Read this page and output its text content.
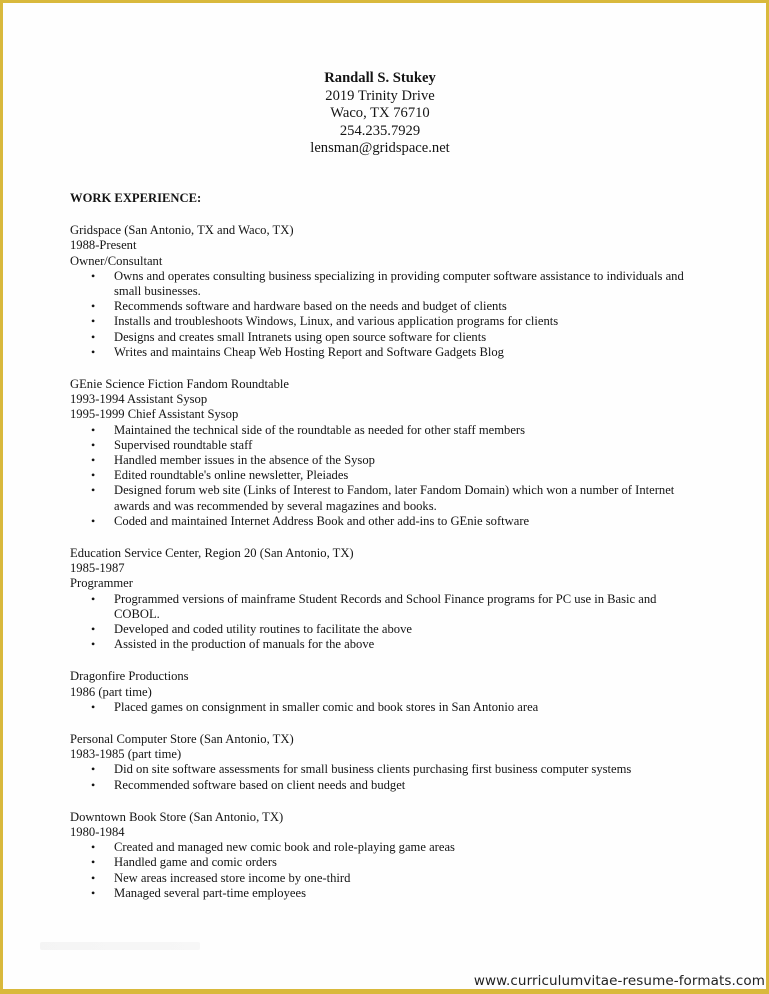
Randall S. Stukey
2019 Trinity Drive
Waco, TX 76710
254.235.7929
lensman@gridspace.net
WORK EXPERIENCE:
Gridspace (San Antonio, TX and Waco, TX)
1988-Present
Owner/Consultant
• Owns and operates consulting business specializing in providing computer software assistance to individuals and small businesses.
• Recommends software and hardware based on the needs and budget of clients
• Installs and troubleshoots Windows, Linux, and various application programs for clients
• Designs and creates small Intranets using open source software for clients
• Writes and maintains Cheap Web Hosting Report and Software Gadgets Blog
GEnie Science Fiction Fandom Roundtable
1993-1994 Assistant Sysop
1995-1999 Chief Assistant Sysop
• Maintained the technical side of the roundtable as needed for other staff members
• Supervised roundtable staff
• Handled member issues in the absence of the Sysop
• Edited roundtable's online newsletter, Pleiades
• Designed forum web site (Links of Interest to Fandom, later Fandom Domain) which won a number of Internet awards and was recommended by several magazines and books.
• Coded and maintained Internet Address Book and other add-ins to GEnie software
Education Service Center, Region 20 (San Antonio, TX)
1985-1987
Programmer
• Programmed versions of mainframe Student Records and School Finance programs for PC use in Basic and COBOL.
• Developed and coded utility routines to facilitate the above
• Assisted in the production of manuals for the above
Dragonfire Productions
1986 (part time)
• Placed games on consignment in smaller comic and book stores in San Antonio area
Personal Computer Store (San Antonio, TX)
1983-1985 (part time)
• Did on site software assessments for small business clients purchasing first business computer systems
• Recommended software based on client needs and budget
Downtown Book Store (San Antonio, TX)
1980-1984
• Created and managed new comic book and role-playing game areas
• Handled game and comic orders
• New areas increased store income by one-third
• Managed several part-time employees
www.curriculumvitae-resume-formats.com
